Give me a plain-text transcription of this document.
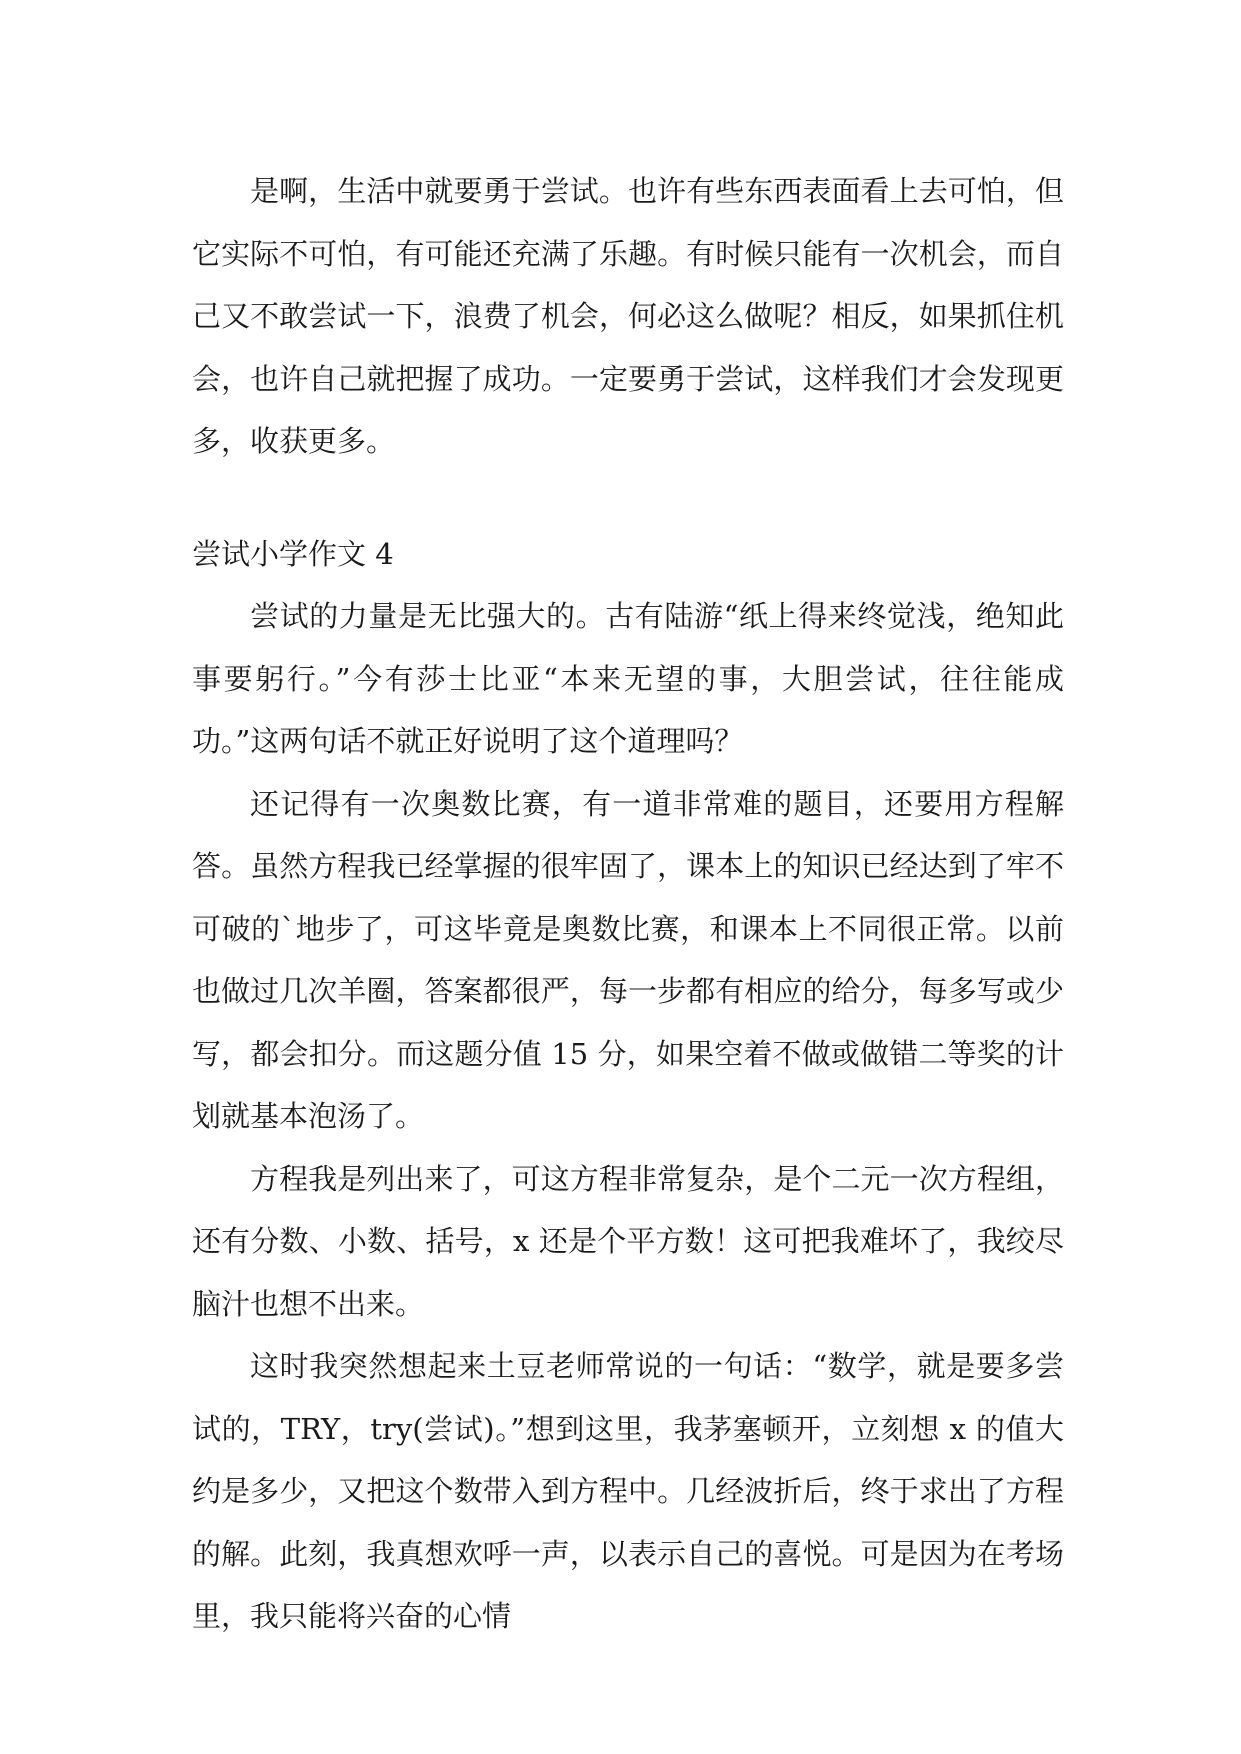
是啊，生活中就要勇于尝试。也许有些东西表面看上去可怕，但它实际不可怕，有可能还充满了乐趣。有时候只能有一次机会，而自己又不敢尝试一下，浪费了机会，何必这么做呢？相反，如果抓住机会，也许自己就把握了成功。一定要勇于尝试，这样我们才会发现更多，收获更多。

尝试小学作文 4

尝试的力量是无比强大的。古有陆游“纸上得来终觉浅，绝知此事要躬行。”今有莎士比亚“本来无望的事，大胆尝试，往往能成功。”这两句话不就正好说明了这个道理吗？

还记得有一次奥数比赛，有一道非常难的题目，还要用方程解答。虽然方程我已经掌握的很牢固了，课本上的知识已经达到了牢不可破的`地步了，可这毕竟是奥数比赛，和课本上不同很正常。以前也做过几次羊圈，答案都很严，每一步都有相应的给分，每多写或少写，都会扣分。而这题分值 15 分，如果空着不做或做错二等奖的计划就基本泡汤了。

方程我是列出来了，可这方程非常复杂，是个二元一次方程组，还有分数、小数、括号，x 还是个平方数！这可把我难坏了，我绞尽脑汁也想不出来。

这时我突然想起来土豆老师常说的一句话：“数学，就是要多尝试的，TRY，try(尝试)。”想到这里，我茅塞顿开，立刻想 x 的值大约是多少，又把这个数带入到方程中。几经波折后，终于求出了方程的解。此刻，我真想欢呼一声，以表示自己的喜悦。可是因为在考场里，我只能将兴奋的心情
